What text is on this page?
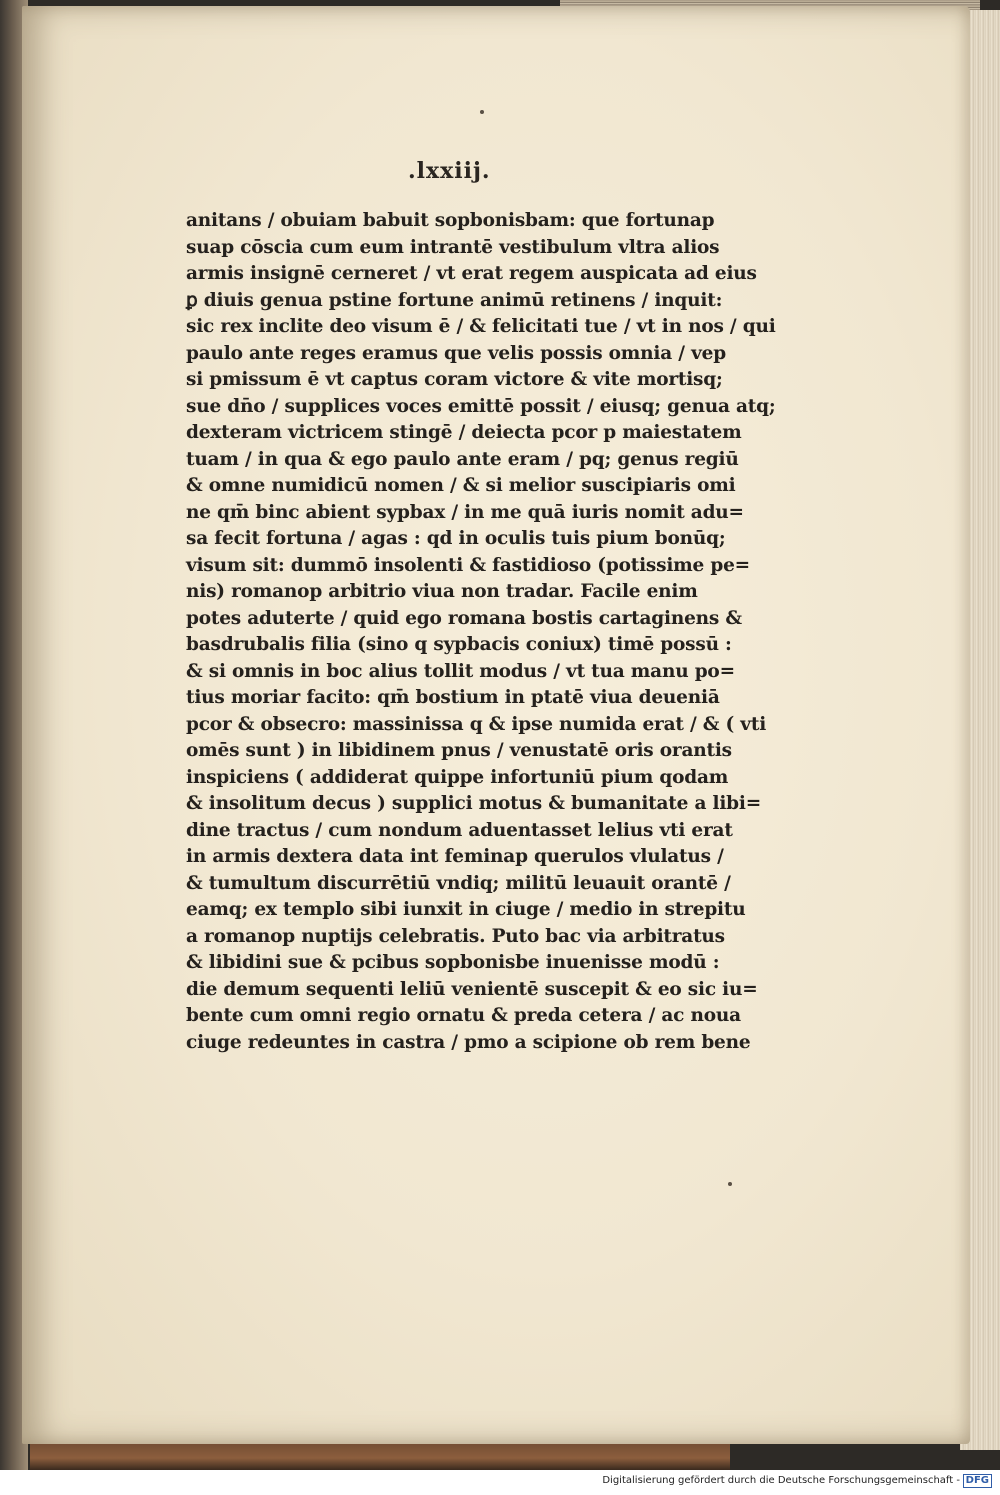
.lxxiij.
anitans / obuiam babuit sopbonisbam: que fortunap
suap cōscia cum eum intrantē vestibulum vltra alios
armis insignē cerneret / vt erat regem auspicata ad eius
ꝑ diuis genua pstine fortune animū retinens / inquit:
sic rex inclite deo visum ē / & felicitati tue / vt in nos / qui
paulo ante reges eramus que velis possis omnia / vep
si pmissum ē vt captus coram victore & vite mortisq;
sue dn̄o / supplices voces emittē possit / eiusq; genua atq;
dexteram victricem stingē / deiecta pcor p maiestatem
tuam / in qua & ego paulo ante eram / pq; genus regiū
& omne numidicū nomen / & si melior suscipiaris omi
ne qm̄ binc abient sypbax / in me quā iuris nomit adu=
sa fecit fortuna / agas : qd in oculis tuis pium bonūq;
visum sit: dummō insolenti & fastidioso (potissime pe=
nis) romanop arbitrio viua non tradar. Facile enim
potes aduterte / quid ego romana bostis cartaginens &
basdrubalis filia (sino q sypbacis coniux) timē possū :
& si omnis in boc alius tollit modus / vt tua manu po=
tius moriar facito: qm̄ bostium in ptatē viua deueniā
pcor & obsecro: massinissa q & ipse numida erat / & ( vti
omēs sunt ) in libidinem pnus / venustatē oris orantis
inspiciens ( addiderat quippe infortuniū pium qodam
& insolitum decus ) supplici motus & bumanitate a libi=
dine tractus / cum nondum aduentasset lelius vti erat
in armis dextera data int feminap querulos vlulatus /
& tumultum discurrētiū vndiq; militū leuauit orantē /
eamq; ex templo sibi iunxit in ciuge / medio in strepitu
a romanop nuptijs celebratis. Puto bac via arbitratus
& libidini sue & pcibus sopbonisbe inuenisse modū :
die demum sequenti leliū venientē suscepit & eo sic iu=
bente cum omni regio ornatu & preda cetera / ac noua
ciuge redeuntes in castra / pmo a scipione ob rem bene
Digitalisierung gefördert durch die Deutsche Forschungsgemeinschaft - DFG
